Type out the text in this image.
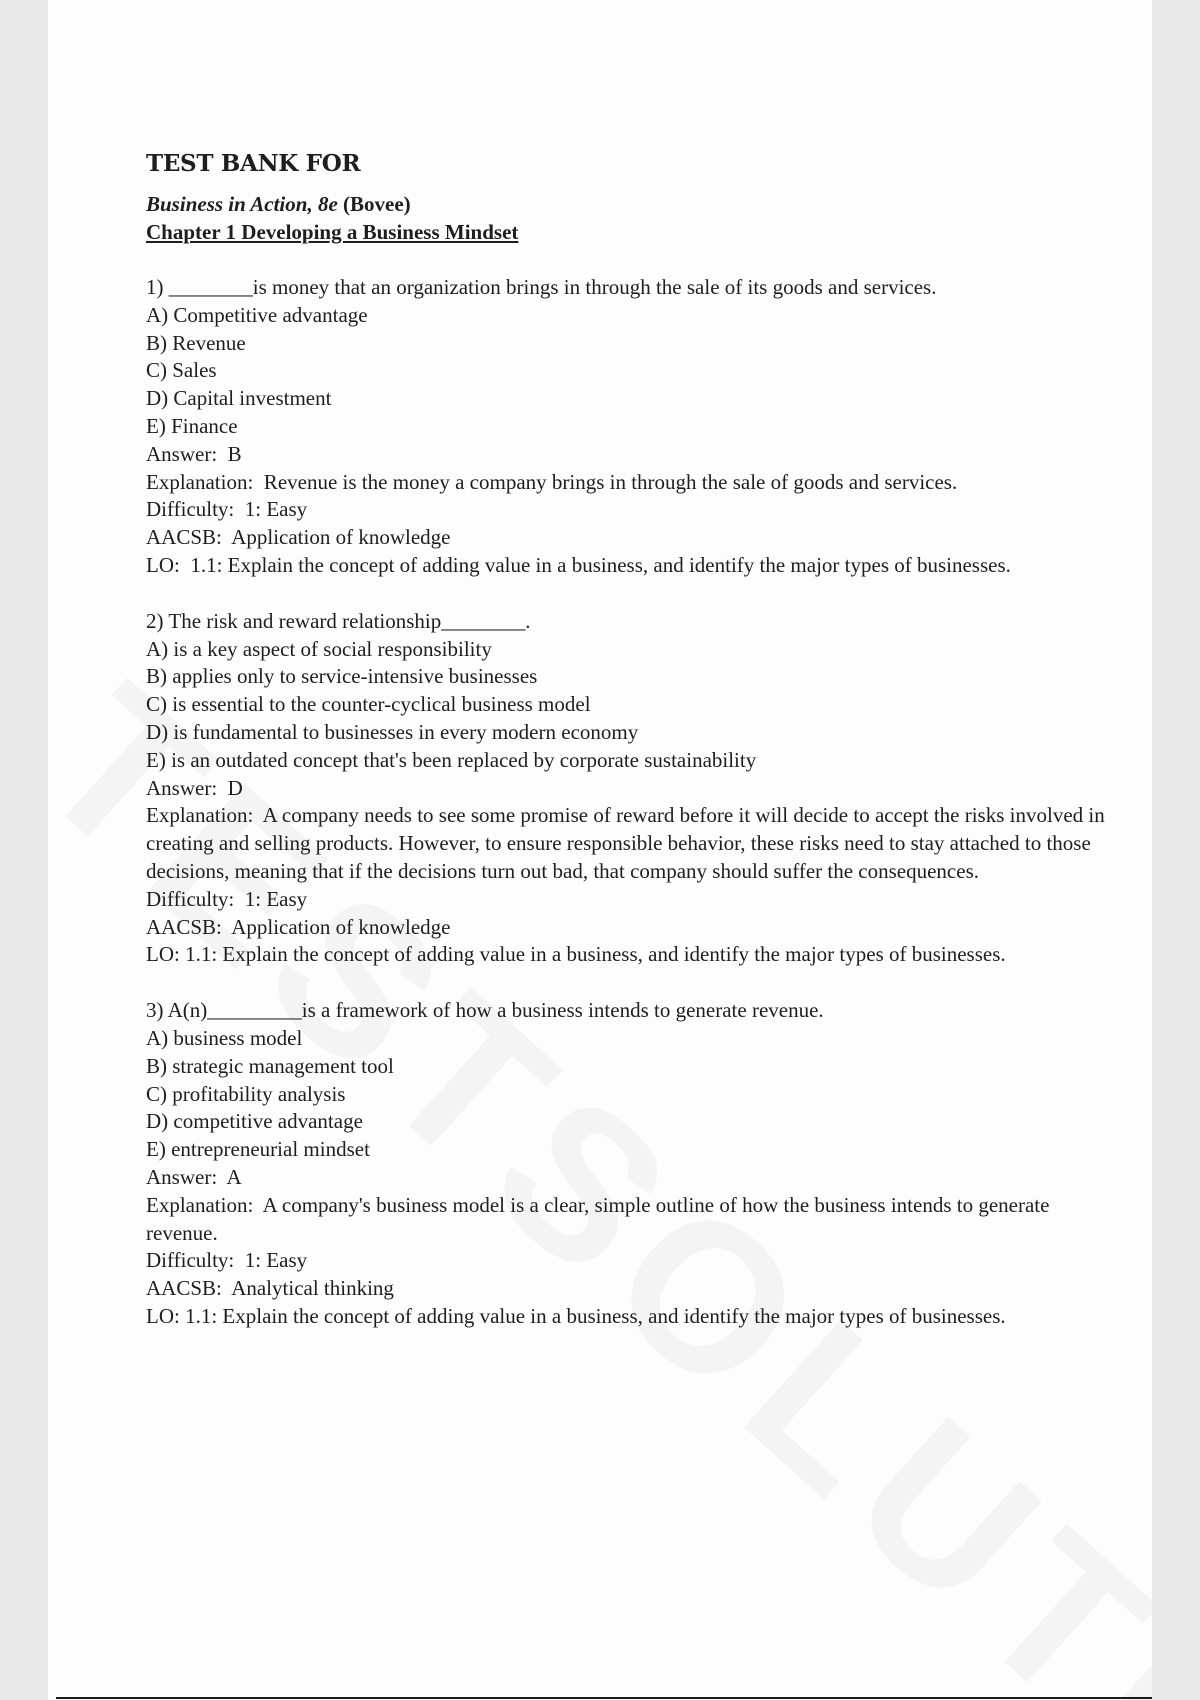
TEST BANK FOR

Business in Action, 8e (Bovee)

Chapter 1 Developing a Business Mindset

1) ________is money that an organization brings in through the sale of its goods and services.

A) Competitive advantage

B) Revenue

C) Sales

D) Capital investment

E) Finance

Answer:  B

Explanation:  Revenue is the money a company brings in through the sale of goods and services.

Difficulty:  1: Easy

AACSB:  Application of knowledge

LO:  1.1: Explain the concept of adding value in a business, and identify the major types of businesses.

2) The risk and reward relationship________.

A) is a key aspect of social responsibility

B) applies only to service-intensive businesses

C) is essential to the counter-cyclical business model

D) is fundamental to businesses in every modern economy

E) is an outdated concept that's been replaced by corporate sustainability

Answer:  D

Explanation:  A company needs to see some promise of reward before it will decide to accept the risks involved in creating and selling products. However, to ensure responsible behavior, these risks need to stay attached to those decisions, meaning that if the decisions turn out bad, that company should suffer the consequences.

Difficulty:  1: Easy

AACSB:  Application of knowledge

LO: 1.1: Explain the concept of adding value in a business, and identify the major types of businesses.

3) A(n)_________is a framework of how a business intends to generate revenue.

A) business model

B) strategic management tool

C) profitability analysis

D) competitive advantage

E) entrepreneurial mindset

Answer:  A

Explanation:  A company's business model is a clear, simple outline of how the business intends to generate revenue.

Difficulty:  1: Easy

AACSB:  Analytical thinking

LO: 1.1: Explain the concept of adding value in a business, and identify the major types of businesses.
